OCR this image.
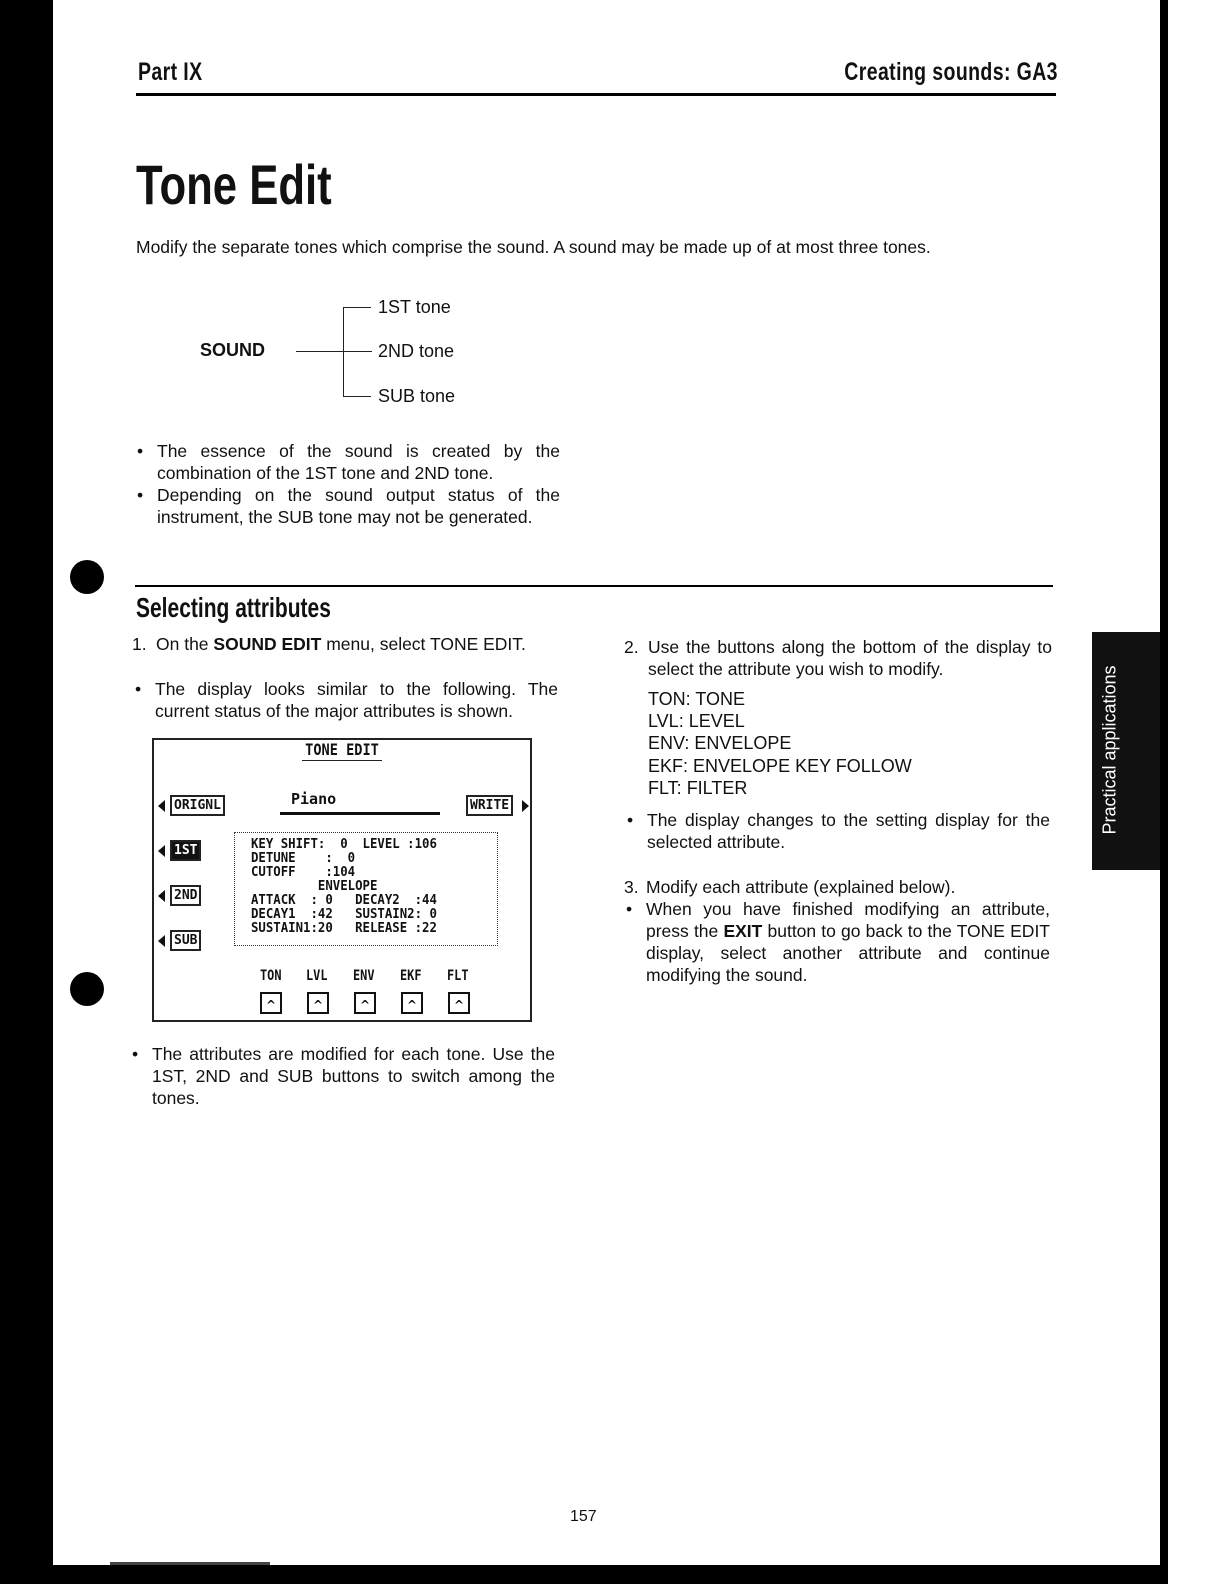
Part IX	Creating sounds: GA3
Tone Edit
Modify the separate tones which comprise the sound. A sound may be made up of at most three tones.
SOUND
1ST tone
2ND tone
SUB tone
• The essence of the sound is created by the combination of the 1ST tone and 2ND tone.
• Depending on the sound output status of the instrument, the SUB tone may not be generated.
Selecting attributes
1. On the SOUND EDIT menu, select TONE EDIT.
• The display looks similar to the following. The current status of the major attributes is shown.
TONE EDIT
ORIGNL	Piano	WRITE
1ST
2ND
SUB
KEY SHIFT:  0  LEVEL :106
DETUNE    :  0
CUTOFF    :104
ENVELOPE
ATTACK  : 0   DECAY2  :44
DECAY1  :42   SUSTAIN2: 0
SUSTAIN1:20   RELEASE :22
TON LVL ENV EKF FLT
^	^	^	^	^
• The attributes are modified for each tone. Use the 1ST, 2ND and SUB buttons to switch among the tones.
2. Use the buttons along the bottom of the display to select the attribute you wish to modify.
TON: TONE
LVL: LEVEL
ENV: ENVELOPE
EKF: ENVELOPE KEY FOLLOW
FLT: FILTER
• The display changes to the setting display for the selected attribute.
3. Modify each attribute (explained below).
• When you have finished modifying an attribute, press the EXIT button to go back to the TONE EDIT display, select another attribute and continue modifying the sound.
Practical applications
157
